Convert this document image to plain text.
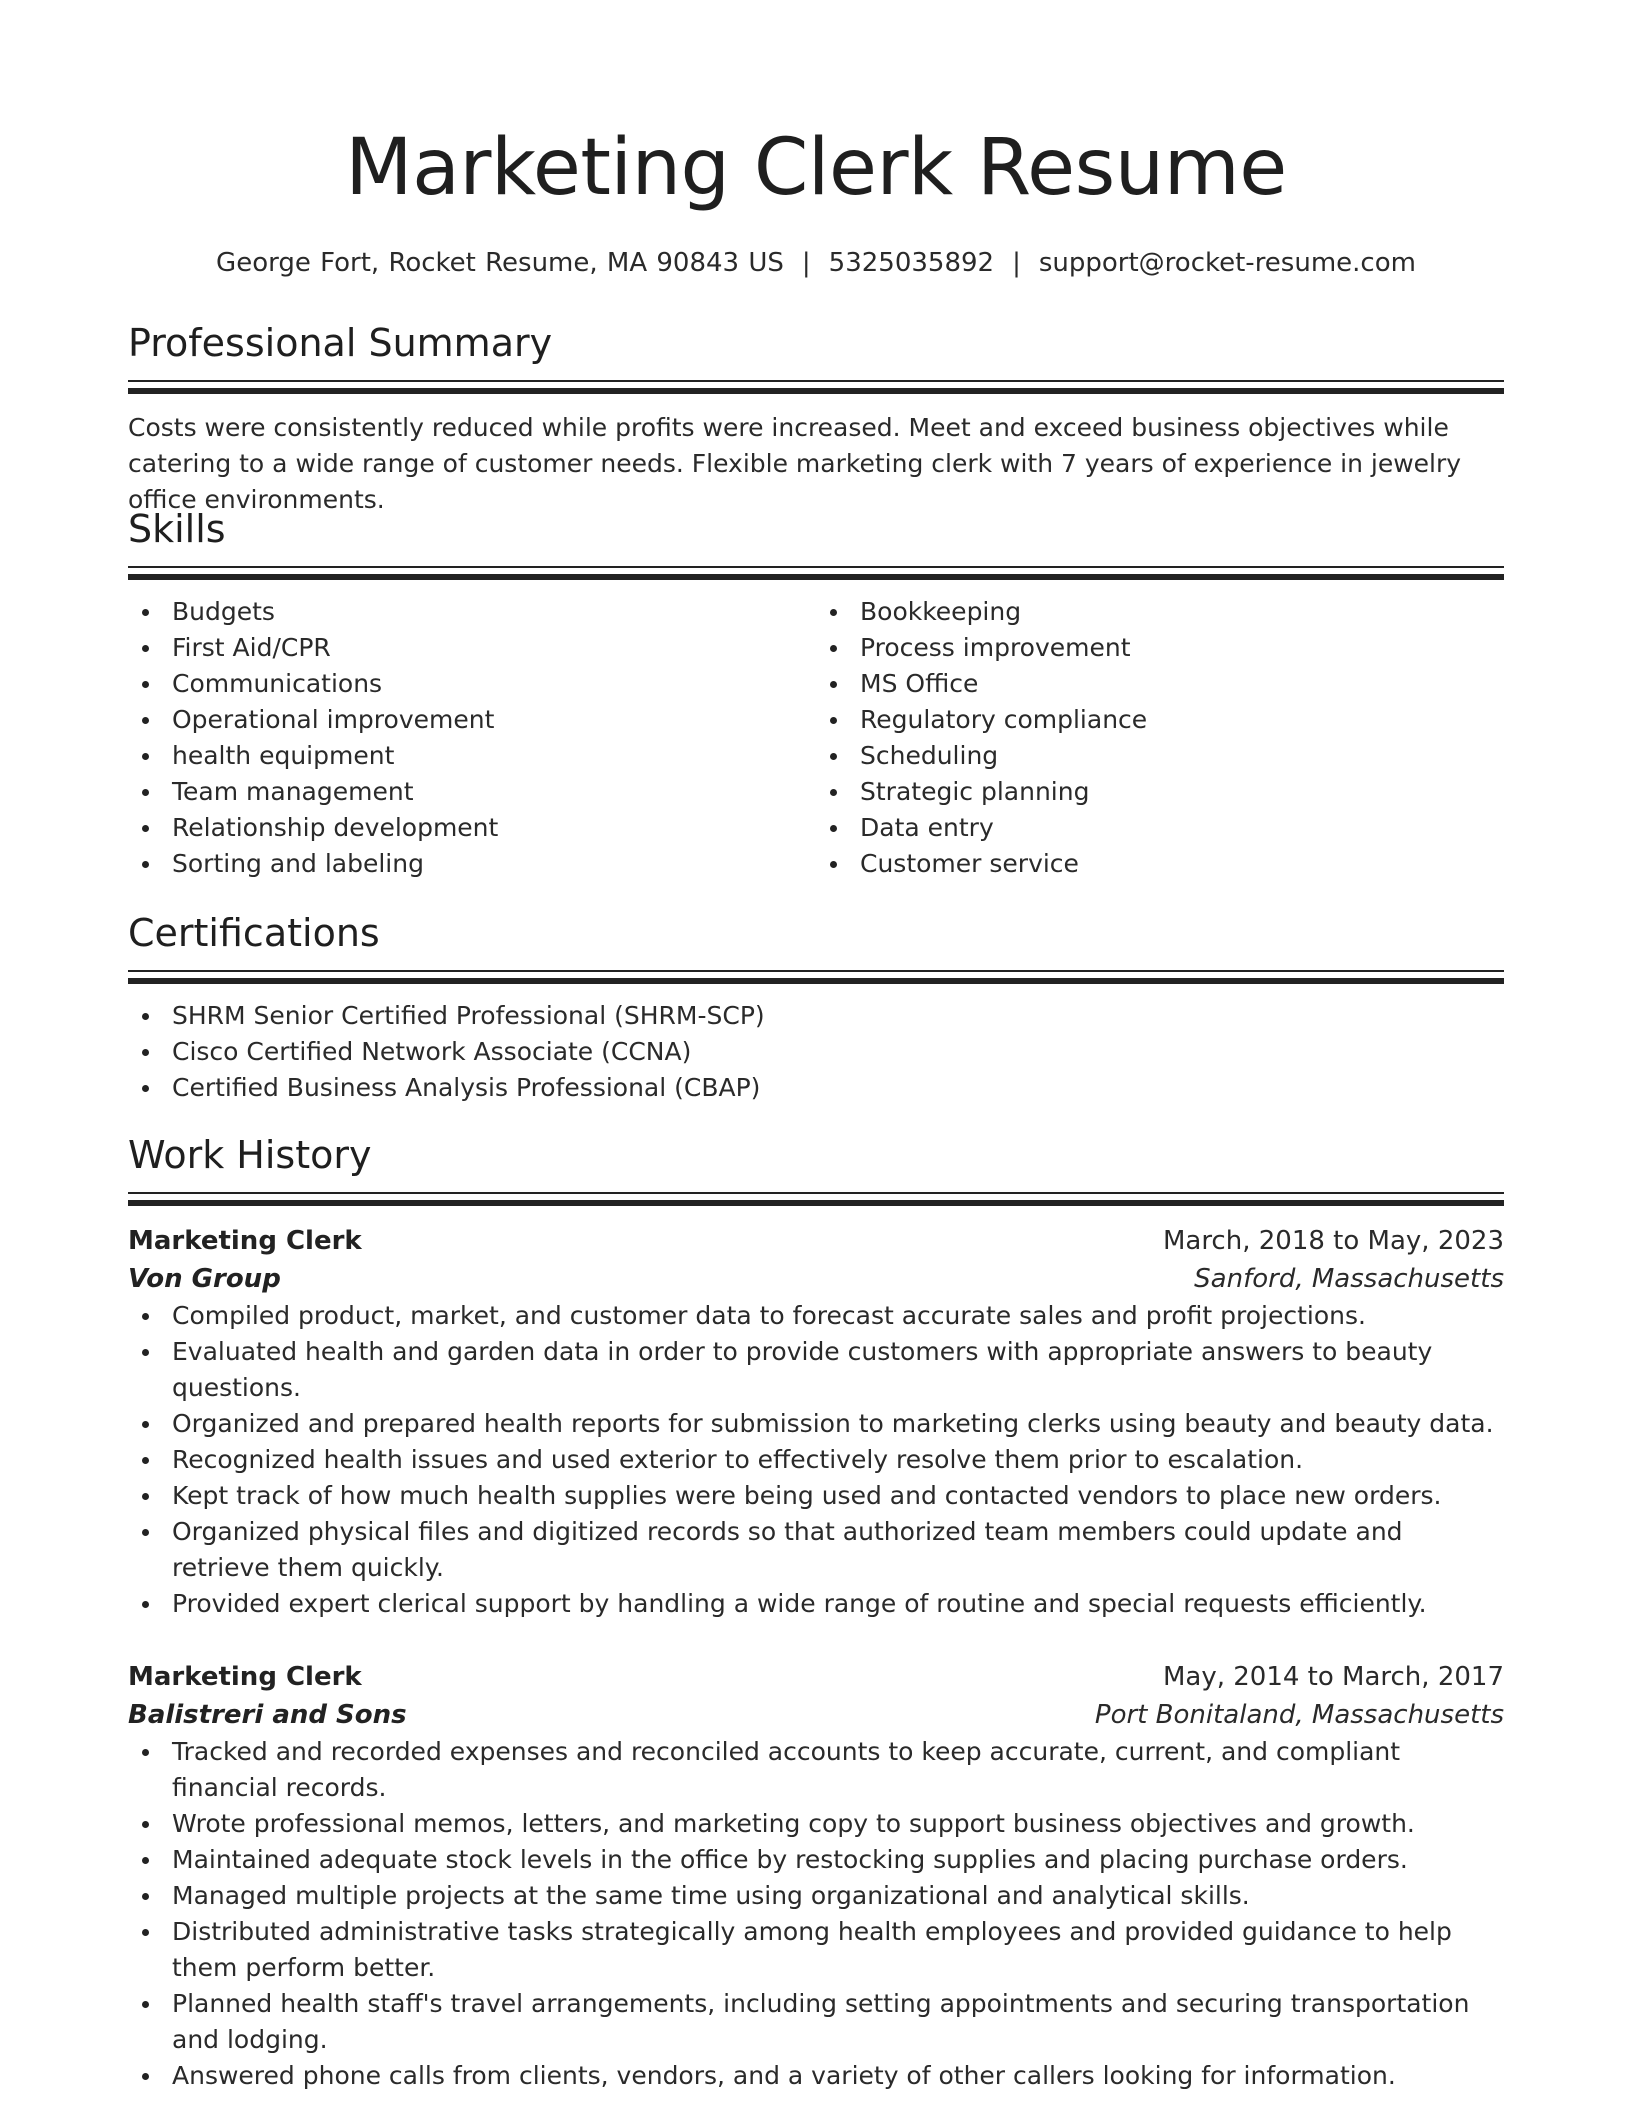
Marketing Clerk Resume
George Fort, Rocket Resume, MA 90843 US | 5325035892 | support@rocket-resume.com
Professional Summary
Costs were consistently reduced while profits were increased. Meet and exceed business objectives while catering to a wide range of customer needs. Flexible marketing clerk with 7 years of experience in jewelry office environments.
Skills
Budgets
First Aid/CPR
Communications
Operational improvement
health equipment
Team management
Relationship development
Sorting and labeling
Bookkeeping
Process improvement
MS Office
Regulatory compliance
Scheduling
Strategic planning
Data entry
Customer service
Certifications
SHRM Senior Certified Professional (SHRM-SCP)
Cisco Certified Network Associate (CCNA)
Certified Business Analysis Professional (CBAP)
Work History
Marketing Clerk	March, 2018 to May, 2023
Von Group	Sanford, Massachusetts
Compiled product, market, and customer data to forecast accurate sales and profit projections.
Evaluated health and garden data in order to provide customers with appropriate answers to beauty questions.
Organized and prepared health reports for submission to marketing clerks using beauty and beauty data.
Recognized health issues and used exterior to effectively resolve them prior to escalation.
Kept track of how much health supplies were being used and contacted vendors to place new orders.
Organized physical files and digitized records so that authorized team members could update and retrieve them quickly.
Provided expert clerical support by handling a wide range of routine and special requests efficiently.
Marketing Clerk	May, 2014 to March, 2017
Balistreri and Sons	Port Bonitaland, Massachusetts
Tracked and recorded expenses and reconciled accounts to keep accurate, current, and compliant financial records.
Wrote professional memos, letters, and marketing copy to support business objectives and growth.
Maintained adequate stock levels in the office by restocking supplies and placing purchase orders.
Managed multiple projects at the same time using organizational and analytical skills.
Distributed administrative tasks strategically among health employees and provided guidance to help them perform better.
Planned health staff's travel arrangements, including setting appointments and securing transportation and lodging.
Answered phone calls from clients, vendors, and a variety of other callers looking for information.
